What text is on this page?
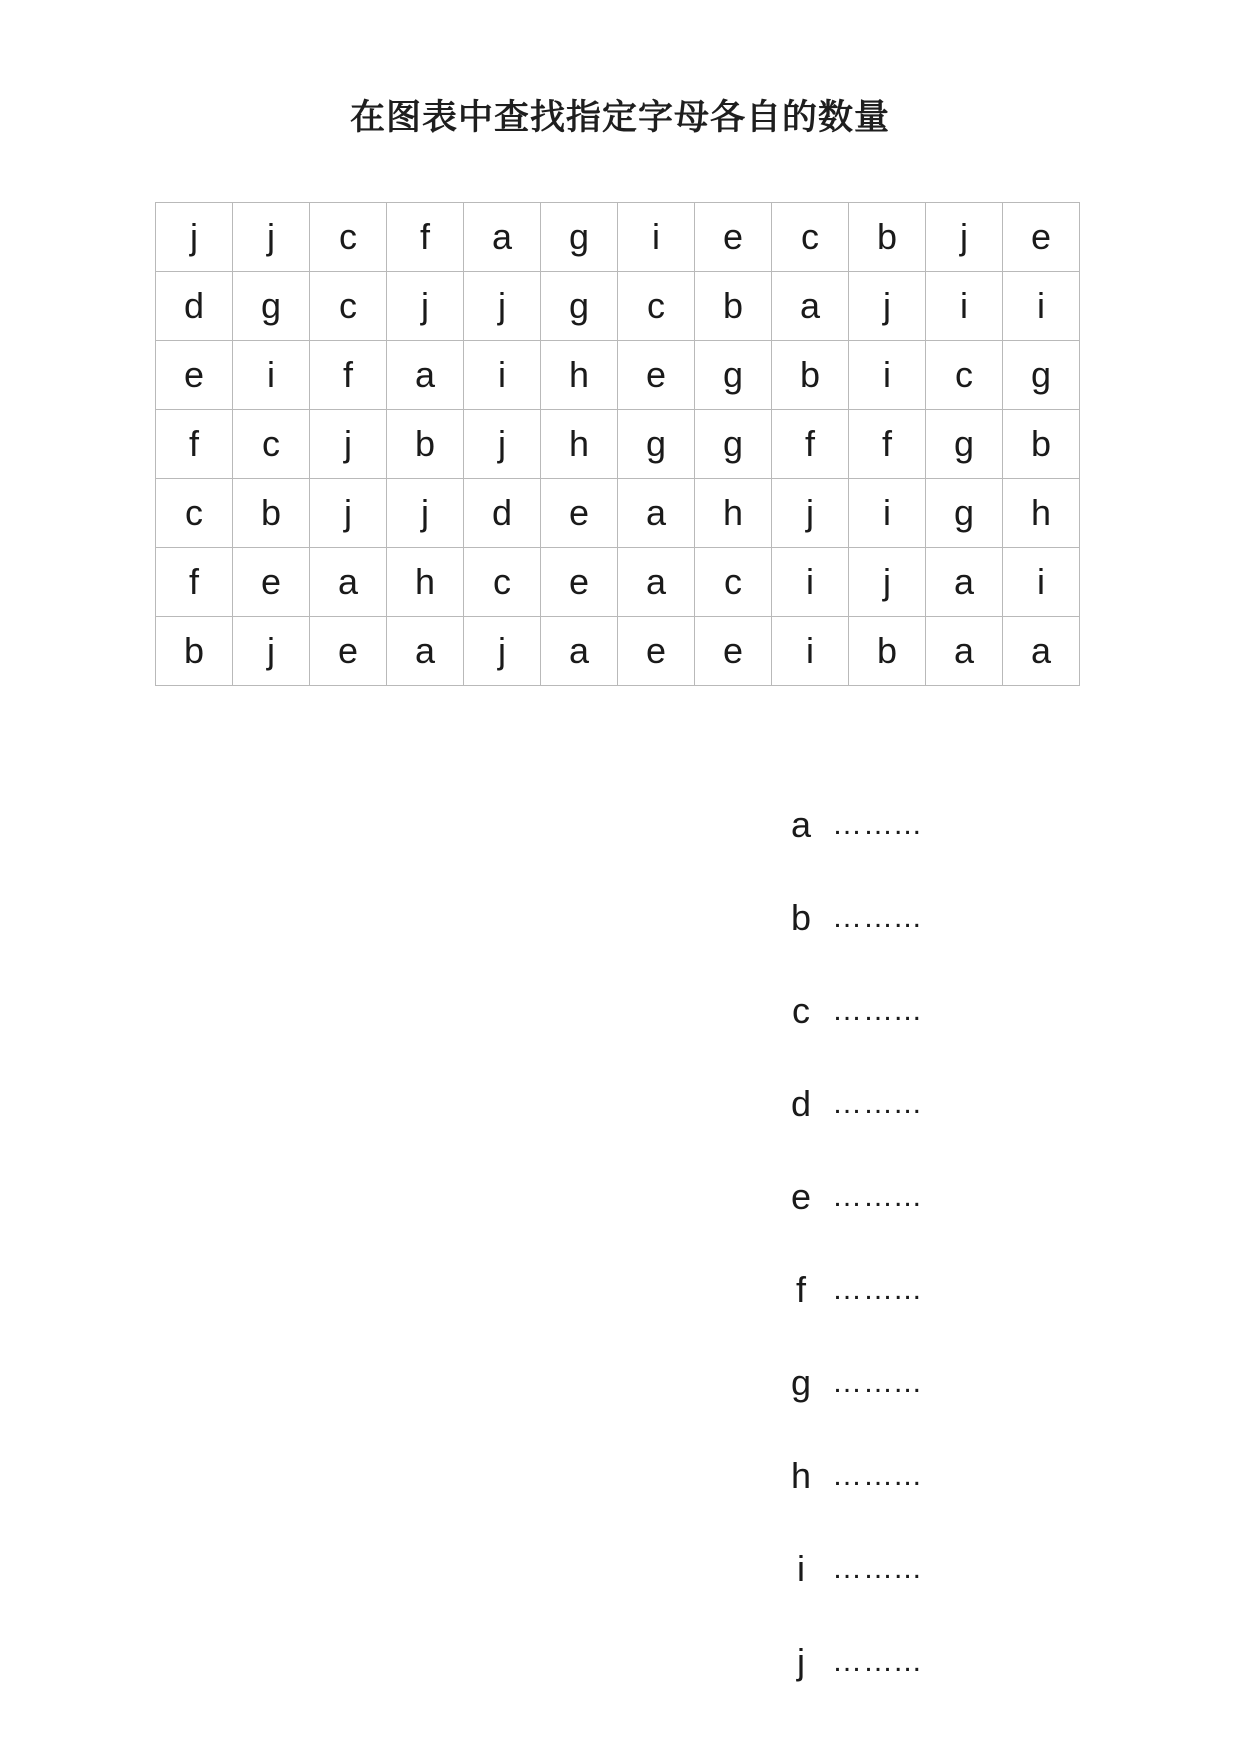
在图表中查找指定字母各自的数量
j	j	c	f	a	g	i	e	c	b	j	e
d	g	c	j	j	g	c	b	a	j	i	i
e	i	f	a	i	h	e	g	b	i	c	g
f	c	j	b	j	h	g	g	f	f	g	b
c	b	j	j	d	e	a	h	j	i	g	h
f	e	a	h	c	e	a	c	i	j	a	i
b	j	e	a	j	a	e	e	i	b	a	a
a ……...
b ……...
c ……...
d ……...
e ……...
f ……...
g ……...
h ……...
i ……...
j ……...
